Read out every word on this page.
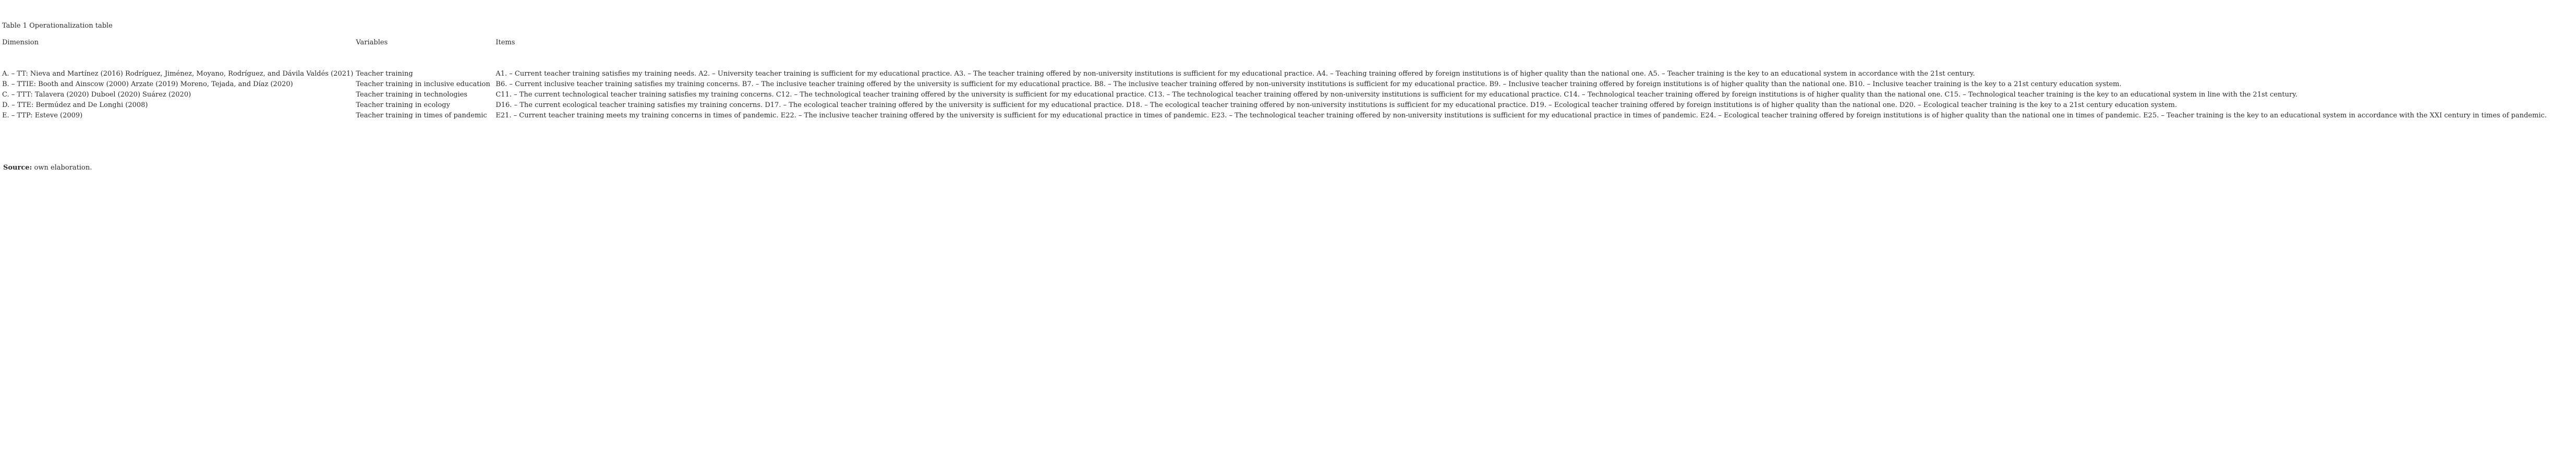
Table 1 Operationalization table
Dimension	Variables	Items
A. – TT: Nieva and Martínez (2016) Rodríguez, Jiménez, Moyano, Rodríguez, and Dávila Valdés (2021)	Teacher training	A1. – Current teacher training satisfies my training needs. A2. – University teacher training is sufficient for my educational practice. A3. – The teacher training offered by non-university institutions is sufficient for my educational practice. A4. – Teaching training offered by foreign institutions is of higher quality than the national one. A5. – Teacher training is the key to an educational system in accordance with the 21st century.
B. – TTIE: Booth and Ainscow (2000) Arzate (2019) Moreno, Tejada, and Díaz (2020)	Teacher training in inclusive education	B6. – Current inclusive teacher training satisfies my training concerns. B7. – The inclusive teacher training offered by the university is sufficient for my educational practice. B8. – The inclusive teacher training offered by non-university institutions is sufficient for my educational practice. B9. – Inclusive teacher training offered by foreign institutions is of higher quality than the national one. B10. – Inclusive teacher training is the key to a 21st century education system.
C. – TTT: Talavera (2020) Duboel (2020) Suárez (2020)	Teacher training in technologies	C11. – The current technological teacher training satisfies my training concerns. C12. – The technological teacher training offered by the university is sufficient for my educational practice. C13. – The technological teacher training offered by non-university institutions is sufficient for my educational practice. C14. – Technological teacher training offered by foreign institutions is of higher quality than the national one. C15. – Technological teacher training is the key to an educational system in line with the 21st century.
D. – TTE: Bermúdez and De Longhi (2008)	Teacher training in ecology	D16. – The current ecological teacher training satisfies my training concerns. D17. – The ecological teacher training offered by the university is sufficient for my educational practice. D18. – The ecological teacher training offered by non-university institutions is sufficient for my educational practice. D19. – Ecological teacher training offered by foreign institutions is of higher quality than the national one. D20. – Ecological teacher training is the key to a 21st century education system.
E. – TTP: Esteve (2009)	Teacher training in times of pandemic	E21. – Current teacher training meets my training concerns in times of pandemic. E22. – The inclusive teacher training offered by the university is sufficient for my educational practice in times of pandemic. E23. – The technological teacher training offered by non-university institutions is sufficient for my educational practice in times of pandemic. E24. – Ecological teacher training offered by foreign institutions is of higher quality than the national one in times of pandemic. E25. – Teacher training is the key to an educational system in accordance with the XXI century in times of pandemic.
Source: own elaboration.
